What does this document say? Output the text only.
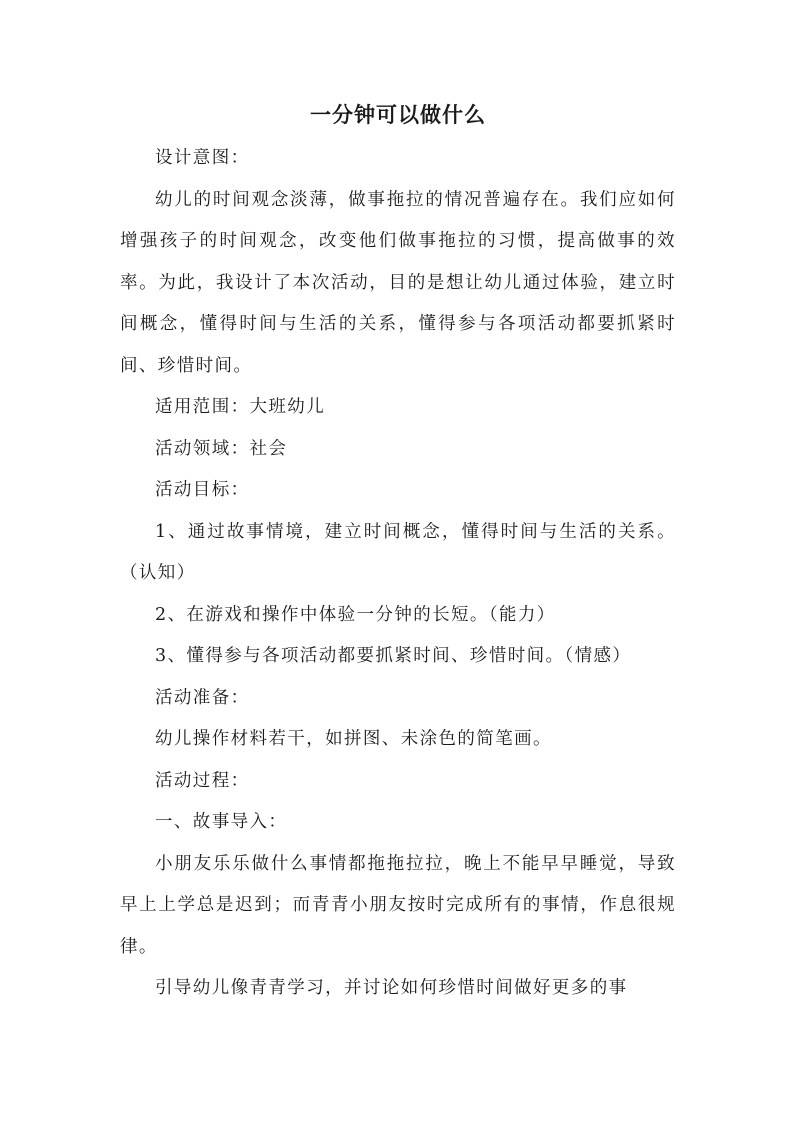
一分钟可以做什么

设计意图：

幼儿的时间观念淡薄，做事拖拉的情况普遍存在。我们应如何增强孩子的时间观念，改变他们做事拖拉的习惯，提高做事的效率。为此，我设计了本次活动，目的是想让幼儿通过体验，建立时间概念，懂得时间与生活的关系，懂得参与各项活动都要抓紧时间、珍惜时间。

适用范围：大班幼儿

活动领域：社会

活动目标：

1、通过故事情境，建立时间概念，懂得时间与生活的关系。（认知）

2、在游戏和操作中体验一分钟的长短。（能力）

3、懂得参与各项活动都要抓紧时间、珍惜时间。（情感）

活动准备：

幼儿操作材料若干，如拼图、未涂色的简笔画。

活动过程：

一、故事导入：

小朋友乐乐做什么事情都拖拖拉拉，晚上不能早早睡觉，导致早上上学总是迟到；而青青小朋友按时完成所有的事情，作息很规律。

引导幼儿像青青学习，并讨论如何珍惜时间做好更多的事
